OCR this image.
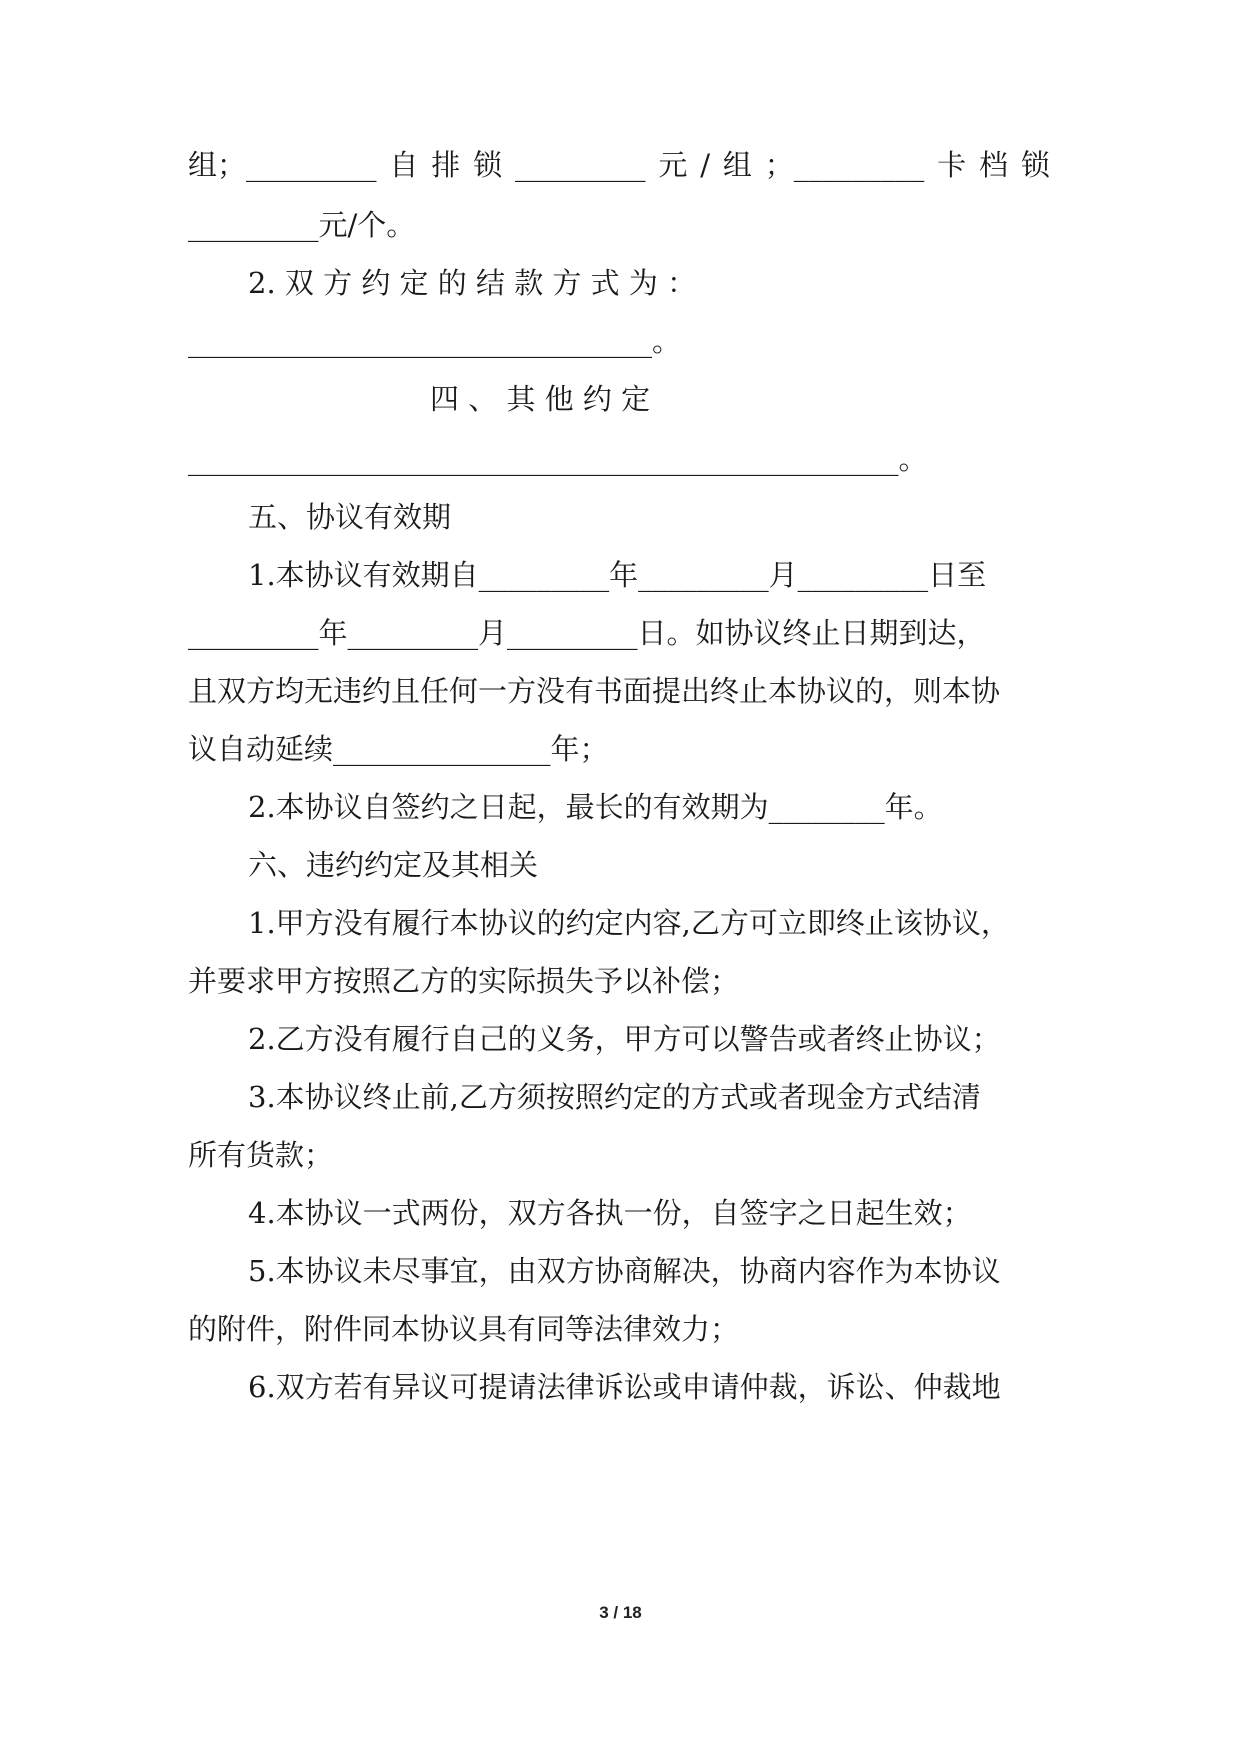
组；_________ 自 排 锁 _________ 元 / 组 ；_________ 卡 档 锁
_________元/个。
2. 双 方 约 定 的 结 款 方 式 为 ：
________________________________。
四 、 其 他 约 定
_________________________________________________。
五、协议有效期
1.本协议有效期自_________年_________月_________日至
_________年_________月_________日。如协议终止日期到达，
且双方均无违约且任何一方没有书面提出终止本协议的，则本协
议自动延续_______________年；
2.本协议自签约之日起，最长的有效期为________年。
六、违约约定及其相关
1.甲方没有履行本协议的约定内容,乙方可立即终止该协议，
并要求甲方按照乙方的实际损失予以补偿；
2.乙方没有履行自己的义务，甲方可以警告或者终止协议；
3.本协议终止前,乙方须按照约定的方式或者现金方式结清
所有货款；
4.本协议一式两份，双方各执一份，自签字之日起生效；
5.本协议未尽事宜，由双方协商解决，协商内容作为本协议
的附件，附件同本协议具有同等法律效力；
6.双方若有异议可提请法律诉讼或申请仲裁，诉讼、仲裁地
3 / 18
